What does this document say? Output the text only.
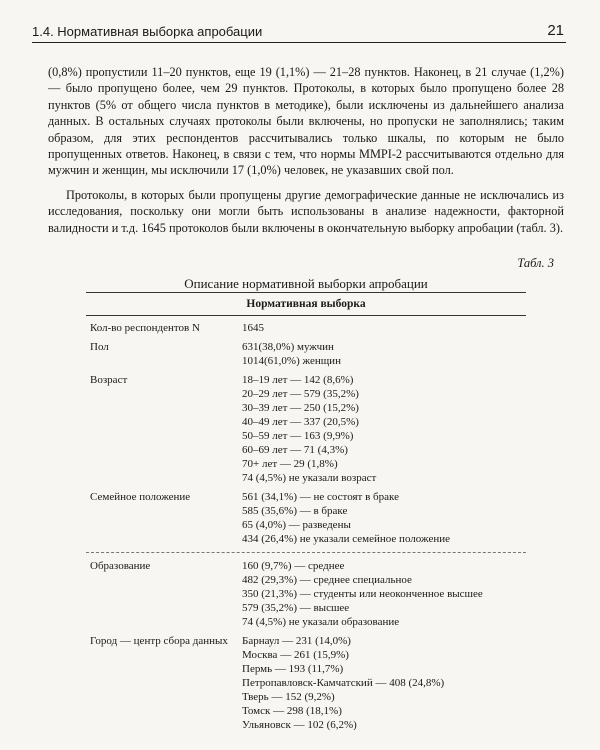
1.4. Нормативная выборка апробации	21

(0,8%) пропустили 11–20 пунктов, еще 19 (1,1%) — 21–28 пунктов. Наконец, в 21 случае (1,2%) — было пропущено более, чем 29 пунктов. Протоколы, в которых было пропущено более 28 пунктов (5% от общего числа пунктов в методике), были исключены из дальнейшего анализа данных. В остальных случаях протоколы были включены, но пропуски не заполнялись; таким образом, для этих респондентов рассчитывались только шкалы, по которым не было пропущенных ответов. Наконец, в связи с тем, что нормы MMPI-2 рассчитываются отдельно для мужчин и женщин, мы исключили 17 (1,0%) человек, не указавших свой пол.

Протоколы, в которых были пропущены другие демографические данные не исключались из исследования, поскольку они могли быть использованы в анализе надежности, факторной валидности и т.д. 1645 протоколов были включены в окончательную выборку апробации (табл. 3).

Табл. 3
Описание нормативной выборки апробации
Нормативная выборка
Кол-во респондентов N	1645
Пол	631(38,0%) мужчин
1014(61,0%) женщин
Возраст	18–19 лет — 142 (8,6%)
20–29 лет — 579 (35,2%)
30–39 лет — 250 (15,2%)
40–49 лет — 337 (20,5%)
50–59 лет — 163 (9,9%)
60–69 лет — 71 (4,3%)
70+ лет — 29 (1,8%)
74 (4,5%) не указали возраст
Семейное положение	561 (34,1%) — не состоят в браке
585 (35,6%) — в браке
65 (4,0%) — разведены
434 (26,4%) не указали семейное положение
Образование	160 (9,7%) — среднее
482 (29,3%) — среднее специальное
350 (21,3%) — студенты или неоконченное высшее
579 (35,2%) — высшее
74 (4,5%) не указали образование
Город — центр сбора данных	Барнаул — 231 (14,0%)
Москва — 261 (15,9%)
Пермь — 193 (11,7%)
Петропавловск-Камчатский — 408 (24,8%)
Тверь — 152 (9,2%)
Томск — 298 (18,1%)
Ульяновск — 102 (6,2%)
